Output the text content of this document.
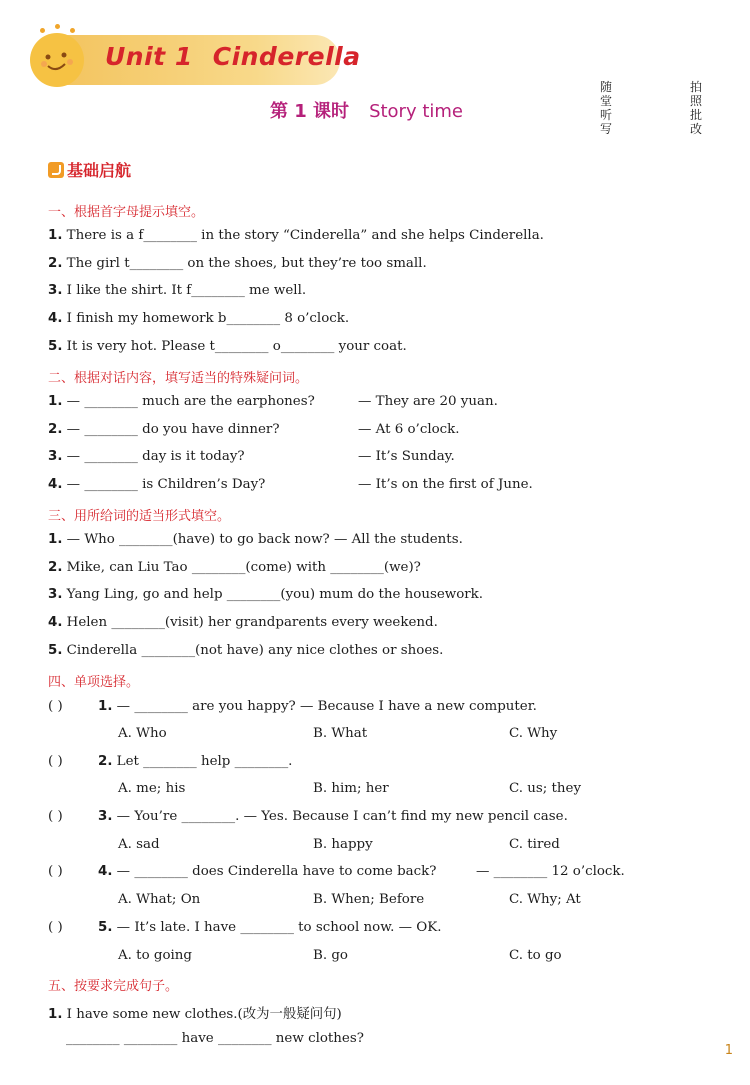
Unit 1 Cinderella
第 1 课时 Story time
随堂听写
拍照批改
基础启航
一、根据首字母提示填空。
1. There is a f________ in the story “Cinderella” and she helps Cinderella.
2. The girl t________ on the shoes, but they’re too small.
3. I like the shirt. It f________ me well.
4. I finish my homework b________ 8 o’clock.
5. It is very hot. Please t________ o________ your coat.
二、根据对话内容，填写适当的特殊疑问词。
1. — ________ much are the earphones?	— They are 20 yuan.
2. — ________ do you have dinner?	— At 6 o’clock.
3. — ________ day is it today?	— It’s Sunday.
4. — ________ is Children’s Day?	— It’s on the first of June.
三、用所给词的适当形式填空。
1. — Who ________(have) to go back now? — All the students.
2. Mike, can Liu Tao ________(come) with ________(we)?
3. Yang Ling, go and help ________(you) mum do the housework.
4. Helen ________(visit) her grandparents every weekend.
5. Cinderella ________(not have) any nice clothes or shoes.
四、单项选择。
( )	1. — ________ are you happy? — Because I have a new computer.
A. Who	B. What	C. Why
( )	2. Let ________ help ________.
A. me; his	B. him; her	C. us; they
( )	3. — You’re ________. — Yes. Because I can’t find my new pencil case.
A. sad	B. happy	C. tired
( )	4. — ________ does Cinderella have to come back?	— ________ 12 o’clock.
A. What; On	B. When; Before	C. Why; At
( )	5. — It’s late. I have ________ to school now. — OK.
A. to going	B. go	C. to go
五、按要求完成句子。
1. I have some new clothes.(改为一般疑问句)
________ ________ have ________ new clothes?
1
